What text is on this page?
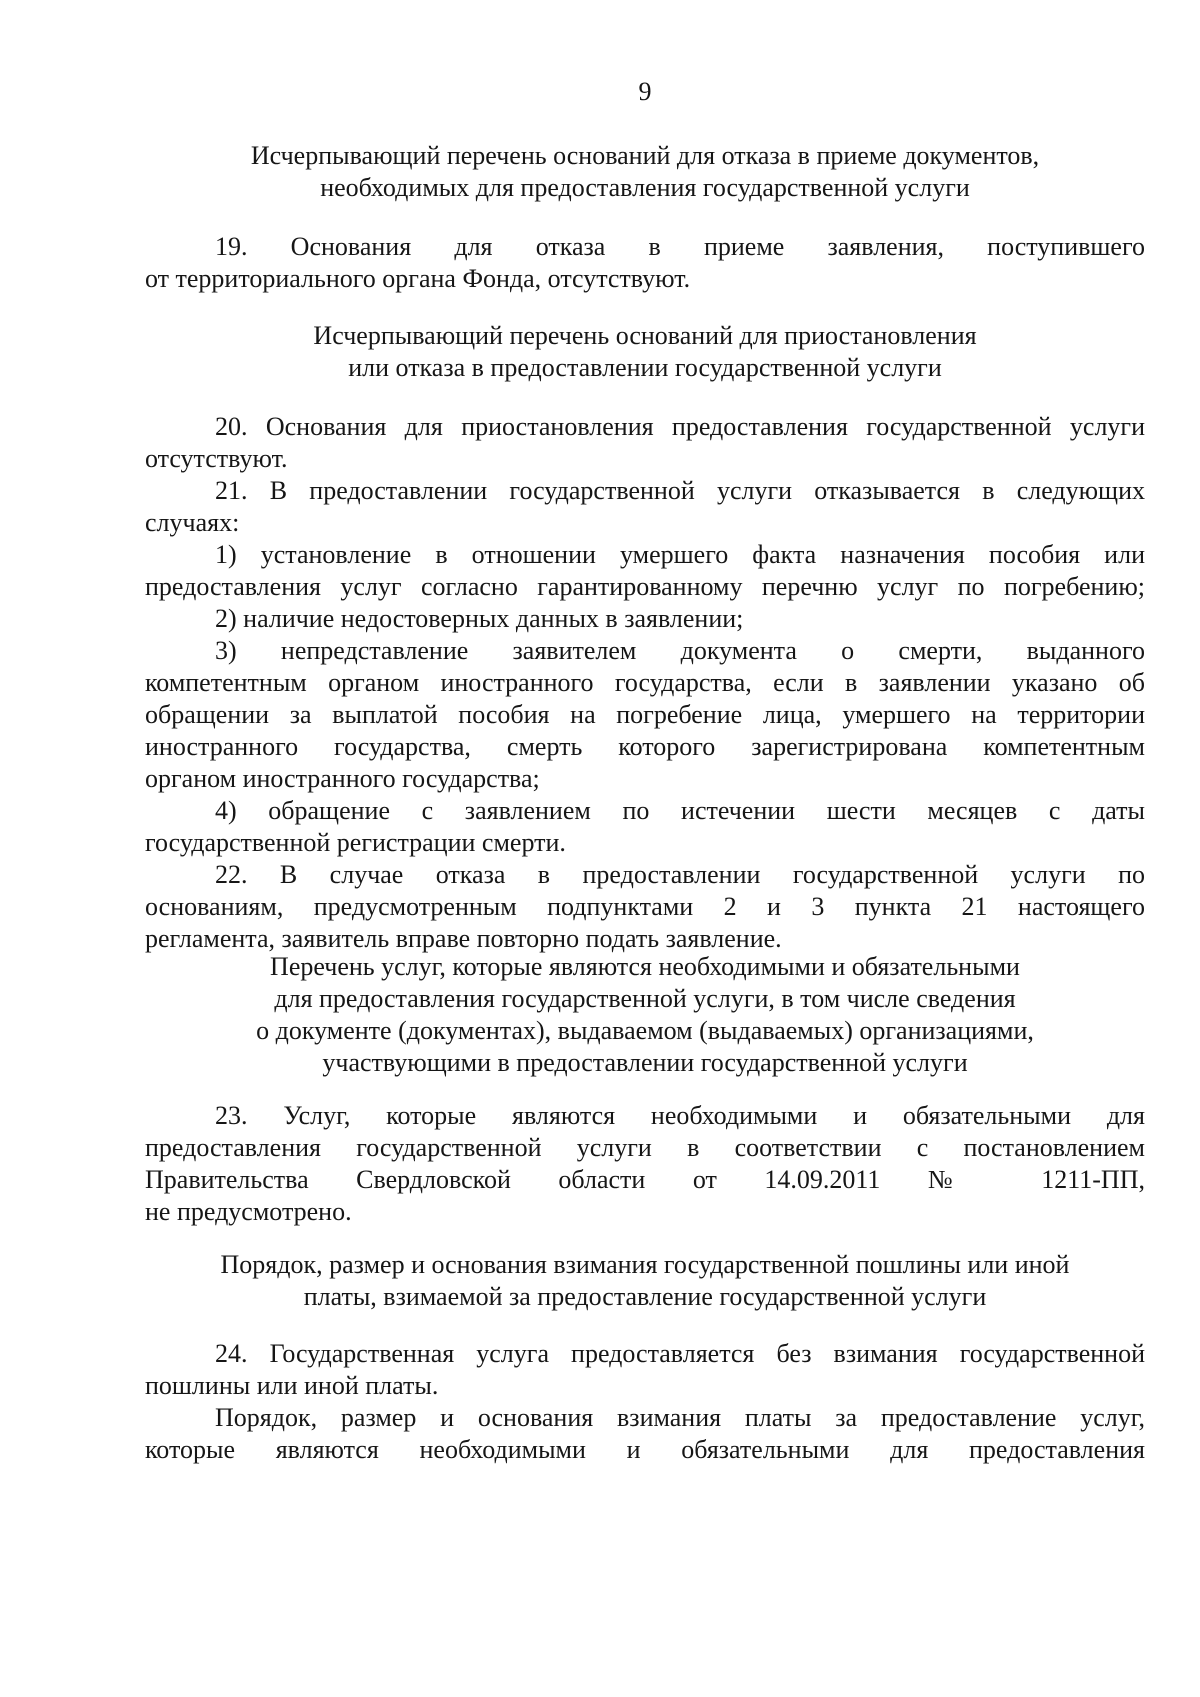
9
Исчерпывающий перечень оснований для отказа в приеме документов,
необходимых для предоставления государственной услуги
19. Основания для отказа в приеме заявления, поступившего
от территориального органа Фонда, отсутствуют.
Исчерпывающий перечень оснований для приостановления
или отказа в предоставлении государственной услуги
20. Основания для приостановления предоставления государственной услуги
отсутствуют.
21. В предоставлении государственной услуги отказывается в следующих
случаях:
1) установление в отношении умершего факта назначения пособия или
предоставления услуг согласно гарантированному перечню услуг по погребению;
2) наличие недостоверных данных в заявлении;
3) непредставление заявителем документа о смерти, выданного
компетентным органом иностранного государства, если в заявлении указано об
обращении за выплатой пособия на погребение лица, умершего на территории
иностранного государства, смерть которого зарегистрирована компетентным
органом иностранного государства;
4) обращение с заявлением по истечении шести месяцев с даты
государственной регистрации смерти.
22. В случае отказа в предоставлении государственной услуги по
основаниям, предусмотренным подпунктами 2 и 3 пункта 21 настоящего
регламента, заявитель вправе повторно подать заявление.
Перечень услуг, которые являются необходимыми и обязательными
для предоставления государственной услуги, в том числе сведения
о документе (документах), выдаваемом (выдаваемых) организациями,
участвующими в предоставлении государственной услуги
23. Услуг, которые являются необходимыми и обязательными для
предоставления государственной услуги в соответствии с постановлением
Правительства Свердловской области от 14.09.2011 № 1211-ПП,
не предусмотрено.
Порядок, размер и основания взимания государственной пошлины или иной
платы, взимаемой за предоставление государственной услуги
24. Государственная услуга предоставляется без взимания государственной
пошлины или иной платы.
Порядок, размер и основания взимания платы за предоставление услуг,
которые являются необходимыми и обязательными для предоставления
